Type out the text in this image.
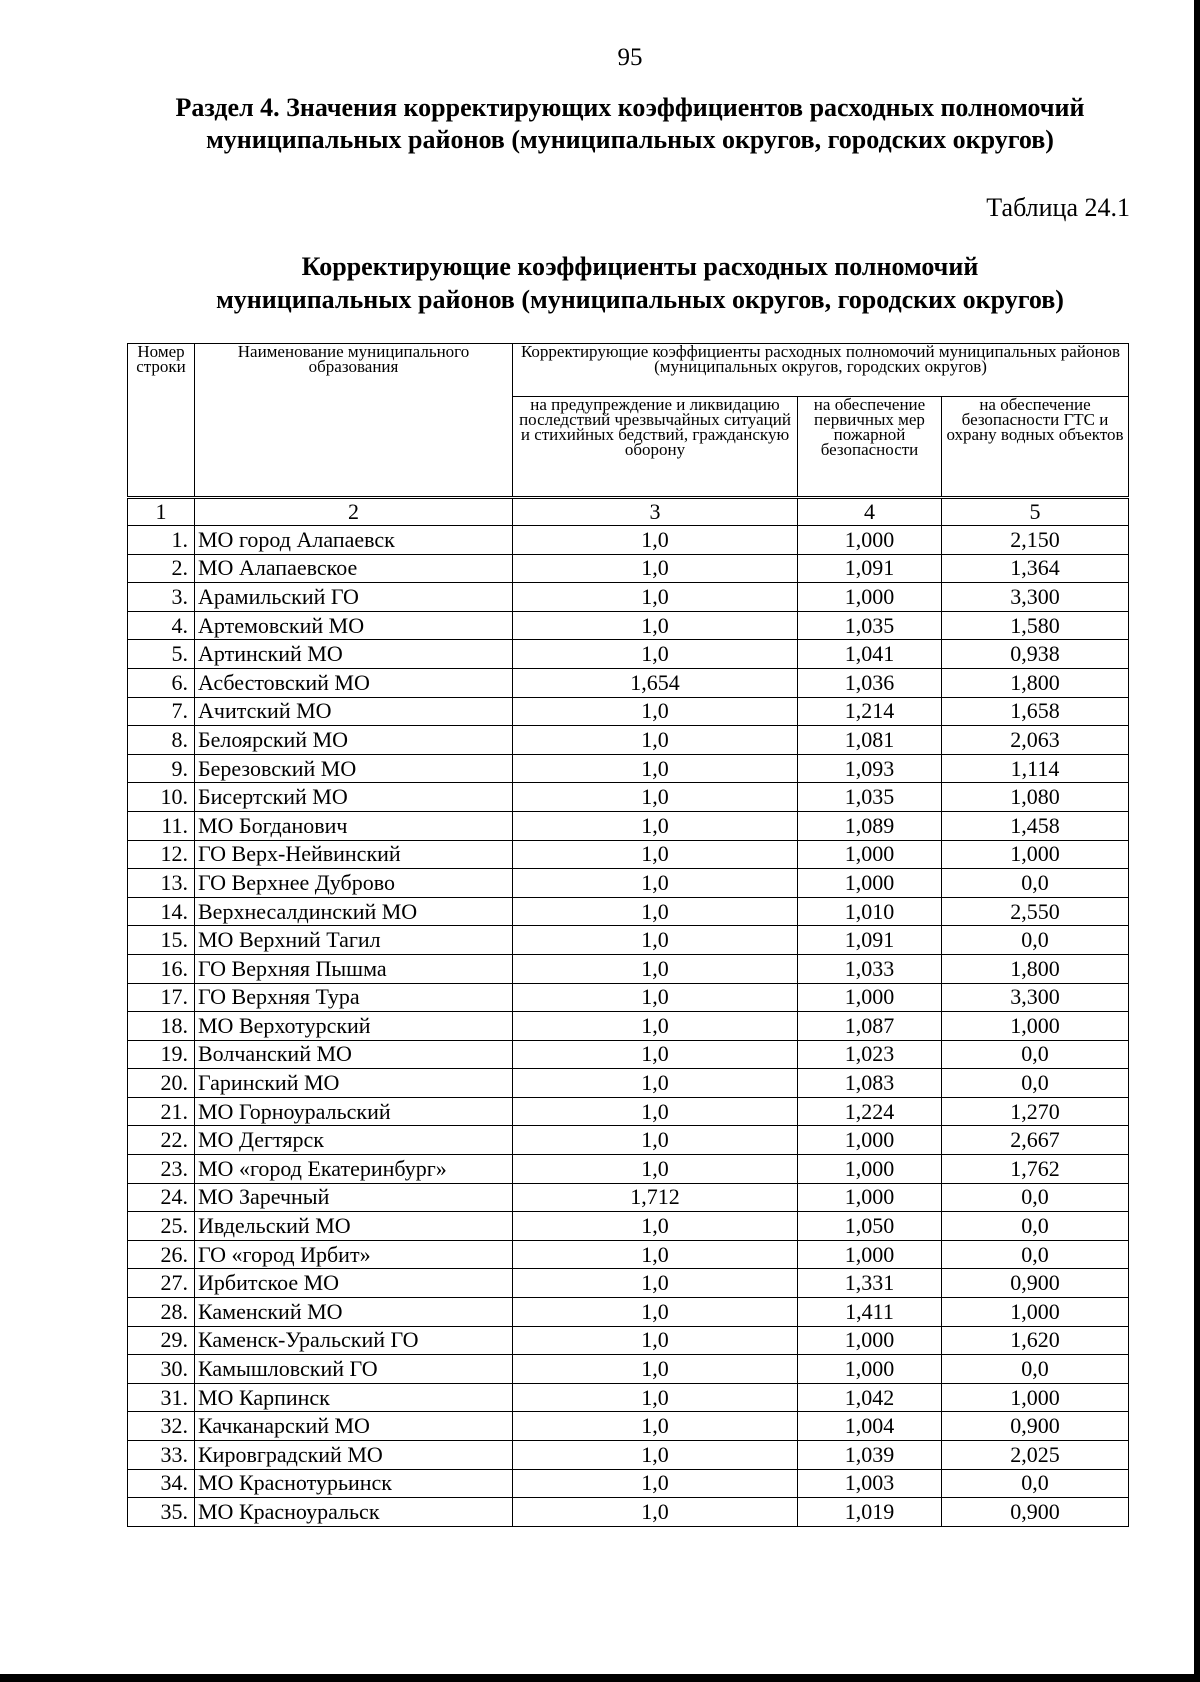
95
Раздел 4. Значения корректирующих коэффициентов расходных полномочий
муниципальных районов (муниципальных округов, городских округов)
Таблица 24.1
Корректирующие коэффициенты расходных полномочий
муниципальных районов (муниципальных округов, городских округов)
Номер строки	Наименование муниципального образования	Корректирующие коэффициенты расходных полномочий муниципальных районов (муниципальных округов, городских округов)		
		на предупреждение и ликвидацию последствий чрезвычайных ситуаций и стихийных бедствий, гражданскую оборону	на обеспечение первичных мер пожарной безопасности	на обеспечение безопасности ГТС и охрану водных объектов
1	2	3	4	5
1.	МО город Алапаевск	1,0	1,000	2,150
2.	МО Алапаевское	1,0	1,091	1,364
3.	Арамильский ГО	1,0	1,000	3,300
4.	Артемовский МО	1,0	1,035	1,580
5.	Артинский МО	1,0	1,041	0,938
6.	Асбестовский МО	1,654	1,036	1,800
7.	Ачитский МО	1,0	1,214	1,658
8.	Белоярский МО	1,0	1,081	2,063
9.	Березовский МО	1,0	1,093	1,114
10.	Бисертский МО	1,0	1,035	1,080
11.	МО Богданович	1,0	1,089	1,458
12.	ГО Верх-Нейвинский	1,0	1,000	1,000
13.	ГО Верхнее Дуброво	1,0	1,000	0,0
14.	Верхнесалдинский МО	1,0	1,010	2,550
15.	МО Верхний Тагил	1,0	1,091	0,0
16.	ГО Верхняя Пышма	1,0	1,033	1,800
17.	ГО Верхняя Тура	1,0	1,000	3,300
18.	МО Верхотурский	1,0	1,087	1,000
19.	Волчанский МО	1,0	1,023	0,0
20.	Гаринский МО	1,0	1,083	0,0
21.	МО Горноуральский	1,0	1,224	1,270
22.	МО Дегтярск	1,0	1,000	2,667
23.	МО «город Екатеринбург»	1,0	1,000	1,762
24.	МО Заречный	1,712	1,000	0,0
25.	Ивдельский МО	1,0	1,050	0,0
26.	ГО «город Ирбит»	1,0	1,000	0,0
27.	Ирбитское МО	1,0	1,331	0,900
28.	Каменский МО	1,0	1,411	1,000
29.	Каменск-Уральский ГО	1,0	1,000	1,620
30.	Камышловский ГО	1,0	1,000	0,0
31.	МО Карпинск	1,0	1,042	1,000
32.	Качканарский МО	1,0	1,004	0,900
33.	Кировградский МО	1,0	1,039	2,025
34.	МО Краснотурьинск	1,0	1,003	0,0
35.	МО Красноуральск	1,0	1,019	0,900
